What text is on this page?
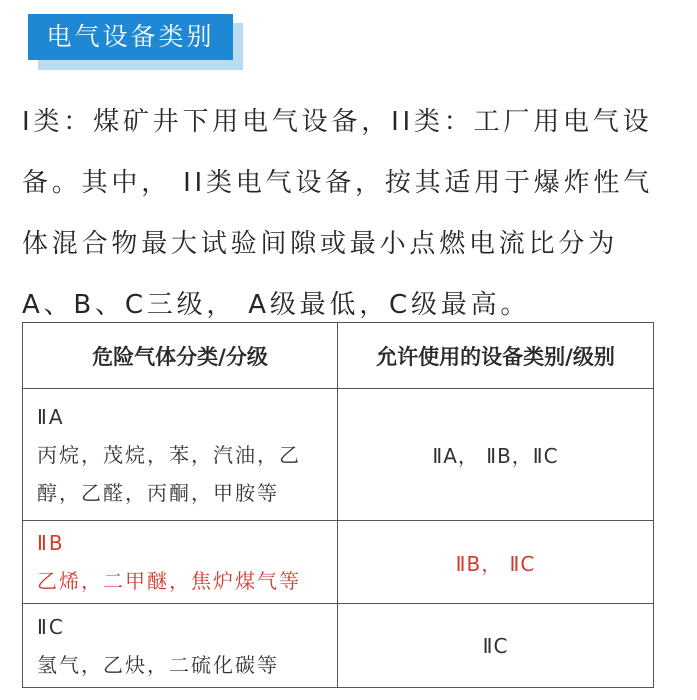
电气设备类别

I类：煤矿井下用电气设备，II类：工厂用电气设
备。其中， II类电气设备，按其适用于爆炸性气
体混合物最大试验间隙或最小点燃电流比分为
A、B、C三级， A级最低，C级最高。

危险气体分类/分级	允许使用的设备类别/级别

ⅡA
丙烷，茂烷，苯，汽油，乙
醇，乙醛，丙酮，甲胺等	ⅡA， ⅡB，ⅡC

ⅡB
乙烯，二甲醚，焦炉煤气等	ⅡB， ⅡC

ⅡC
氢气，乙炔，二硫化碳等	ⅡC
